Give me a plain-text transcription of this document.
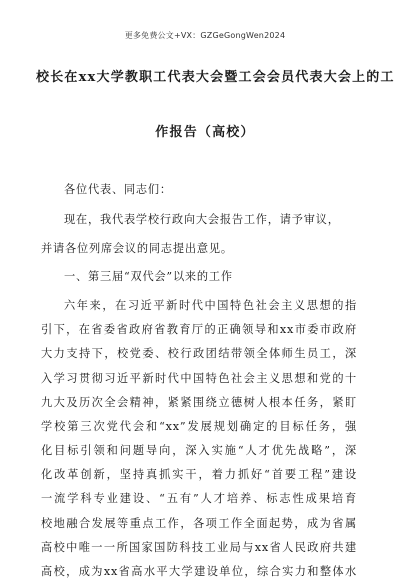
更多免费公文+VX：GZGeGongWen2024
校长在xx大学教职工代表大会暨工会会员代表大会上的工
作报告（高校）
各位代表、同志们：
现在，我代表学校行政向大会报告工作，请予审议，
并请各位列席会议的同志提出意见。
一、第三届“双代会”以来的工作
六年来，在习近平新时代中国特色社会主义思想的指
引下，在省委省政府省教育厅的正确领导和xx市委市政府
大力支持下，校党委、校行政团结带领全体师生员工，深
入学习贯彻习近平新时代中国特色社会主义思想和党的十
九大及历次全会精神，紧紧围绕立德树人根本任务，紧盯
学校第三次党代会和“xx”发展规划确定的目标任务，强
化目标引领和问题导向，深入实施“人才优先战略”，深
化改革创新，坚持真抓实干，着力抓好“首要工程”建设
一流学科专业建设、“五有”人才培养、标志性成果培育
校地融合发展等重点工作，各项工作全面起势，成为省属
高校中唯一一所国家国防科技工业局与xx省人民政府共建
高校，成为xx省高水平大学建设单位，综合实力和整体水
